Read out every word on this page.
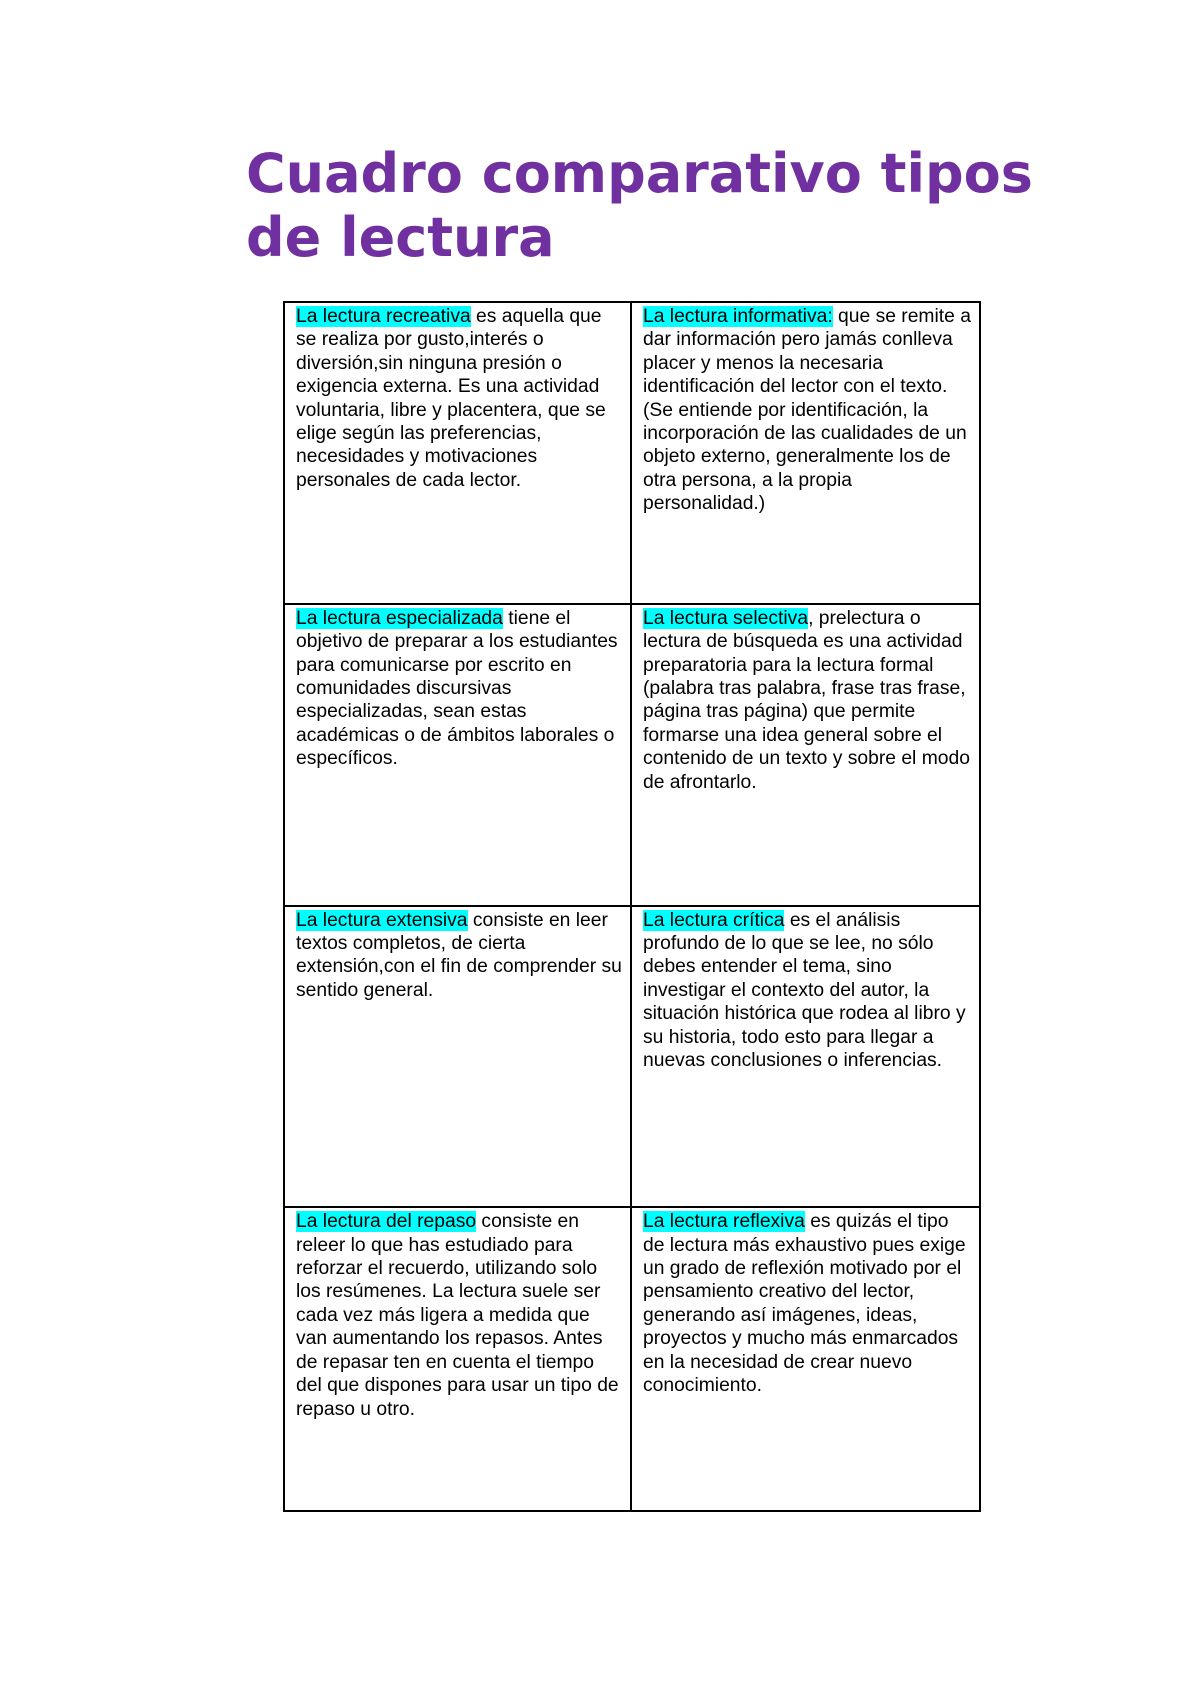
Cuadro comparativo tipos de lectura
La lectura recreativa es aquella que se realiza por gusto,interés o diversión,sin ninguna presión o exigencia externa. Es una actividad voluntaria, libre y placentera, que se elige según las preferencias, necesidades y motivaciones personales de cada lector.
La lectura informativa: que se remite a dar información pero jamás conlleva placer y menos la necesaria identificación del lector con el texto. (Se entiende por identificación, la incorporación de las cualidades de un objeto externo, generalmente los de otra persona, a la propia personalidad.)
La lectura especializada tiene el objetivo de preparar a los estudiantes para comunicarse por escrito en comunidades discursivas especializadas, sean estas académicas o de ámbitos laborales o específicos.
La lectura selectiva, prelectura o lectura de búsqueda es una actividad preparatoria para la lectura formal (palabra tras palabra, frase tras frase, página tras página) que permite formarse una idea general sobre el contenido de un texto y sobre el modo de afrontarlo.
La lectura extensiva consiste en leer textos completos, de cierta extensión,con el fin de comprender su sentido general.
La lectura crítica es el análisis profundo de lo que se lee, no sólo debes entender el tema, sino investigar el contexto del autor, la situación histórica que rodea al libro y su historia, todo esto para llegar a nuevas conclusiones o inferencias.
La lectura del repaso consiste en releer lo que has estudiado para reforzar el recuerdo, utilizando solo los resúmenes. La lectura suele ser cada vez más ligera a medida que van aumentando los repasos. Antes de repasar ten en cuenta el tiempo del que dispones para usar un tipo de repaso u otro.
La lectura reflexiva es quizás el tipo de lectura más exhaustivo pues exige un grado de reflexión motivado por el pensamiento creativo del lector, generando así imágenes, ideas, proyectos y mucho más enmarcados en la necesidad de crear nuevo conocimiento.
